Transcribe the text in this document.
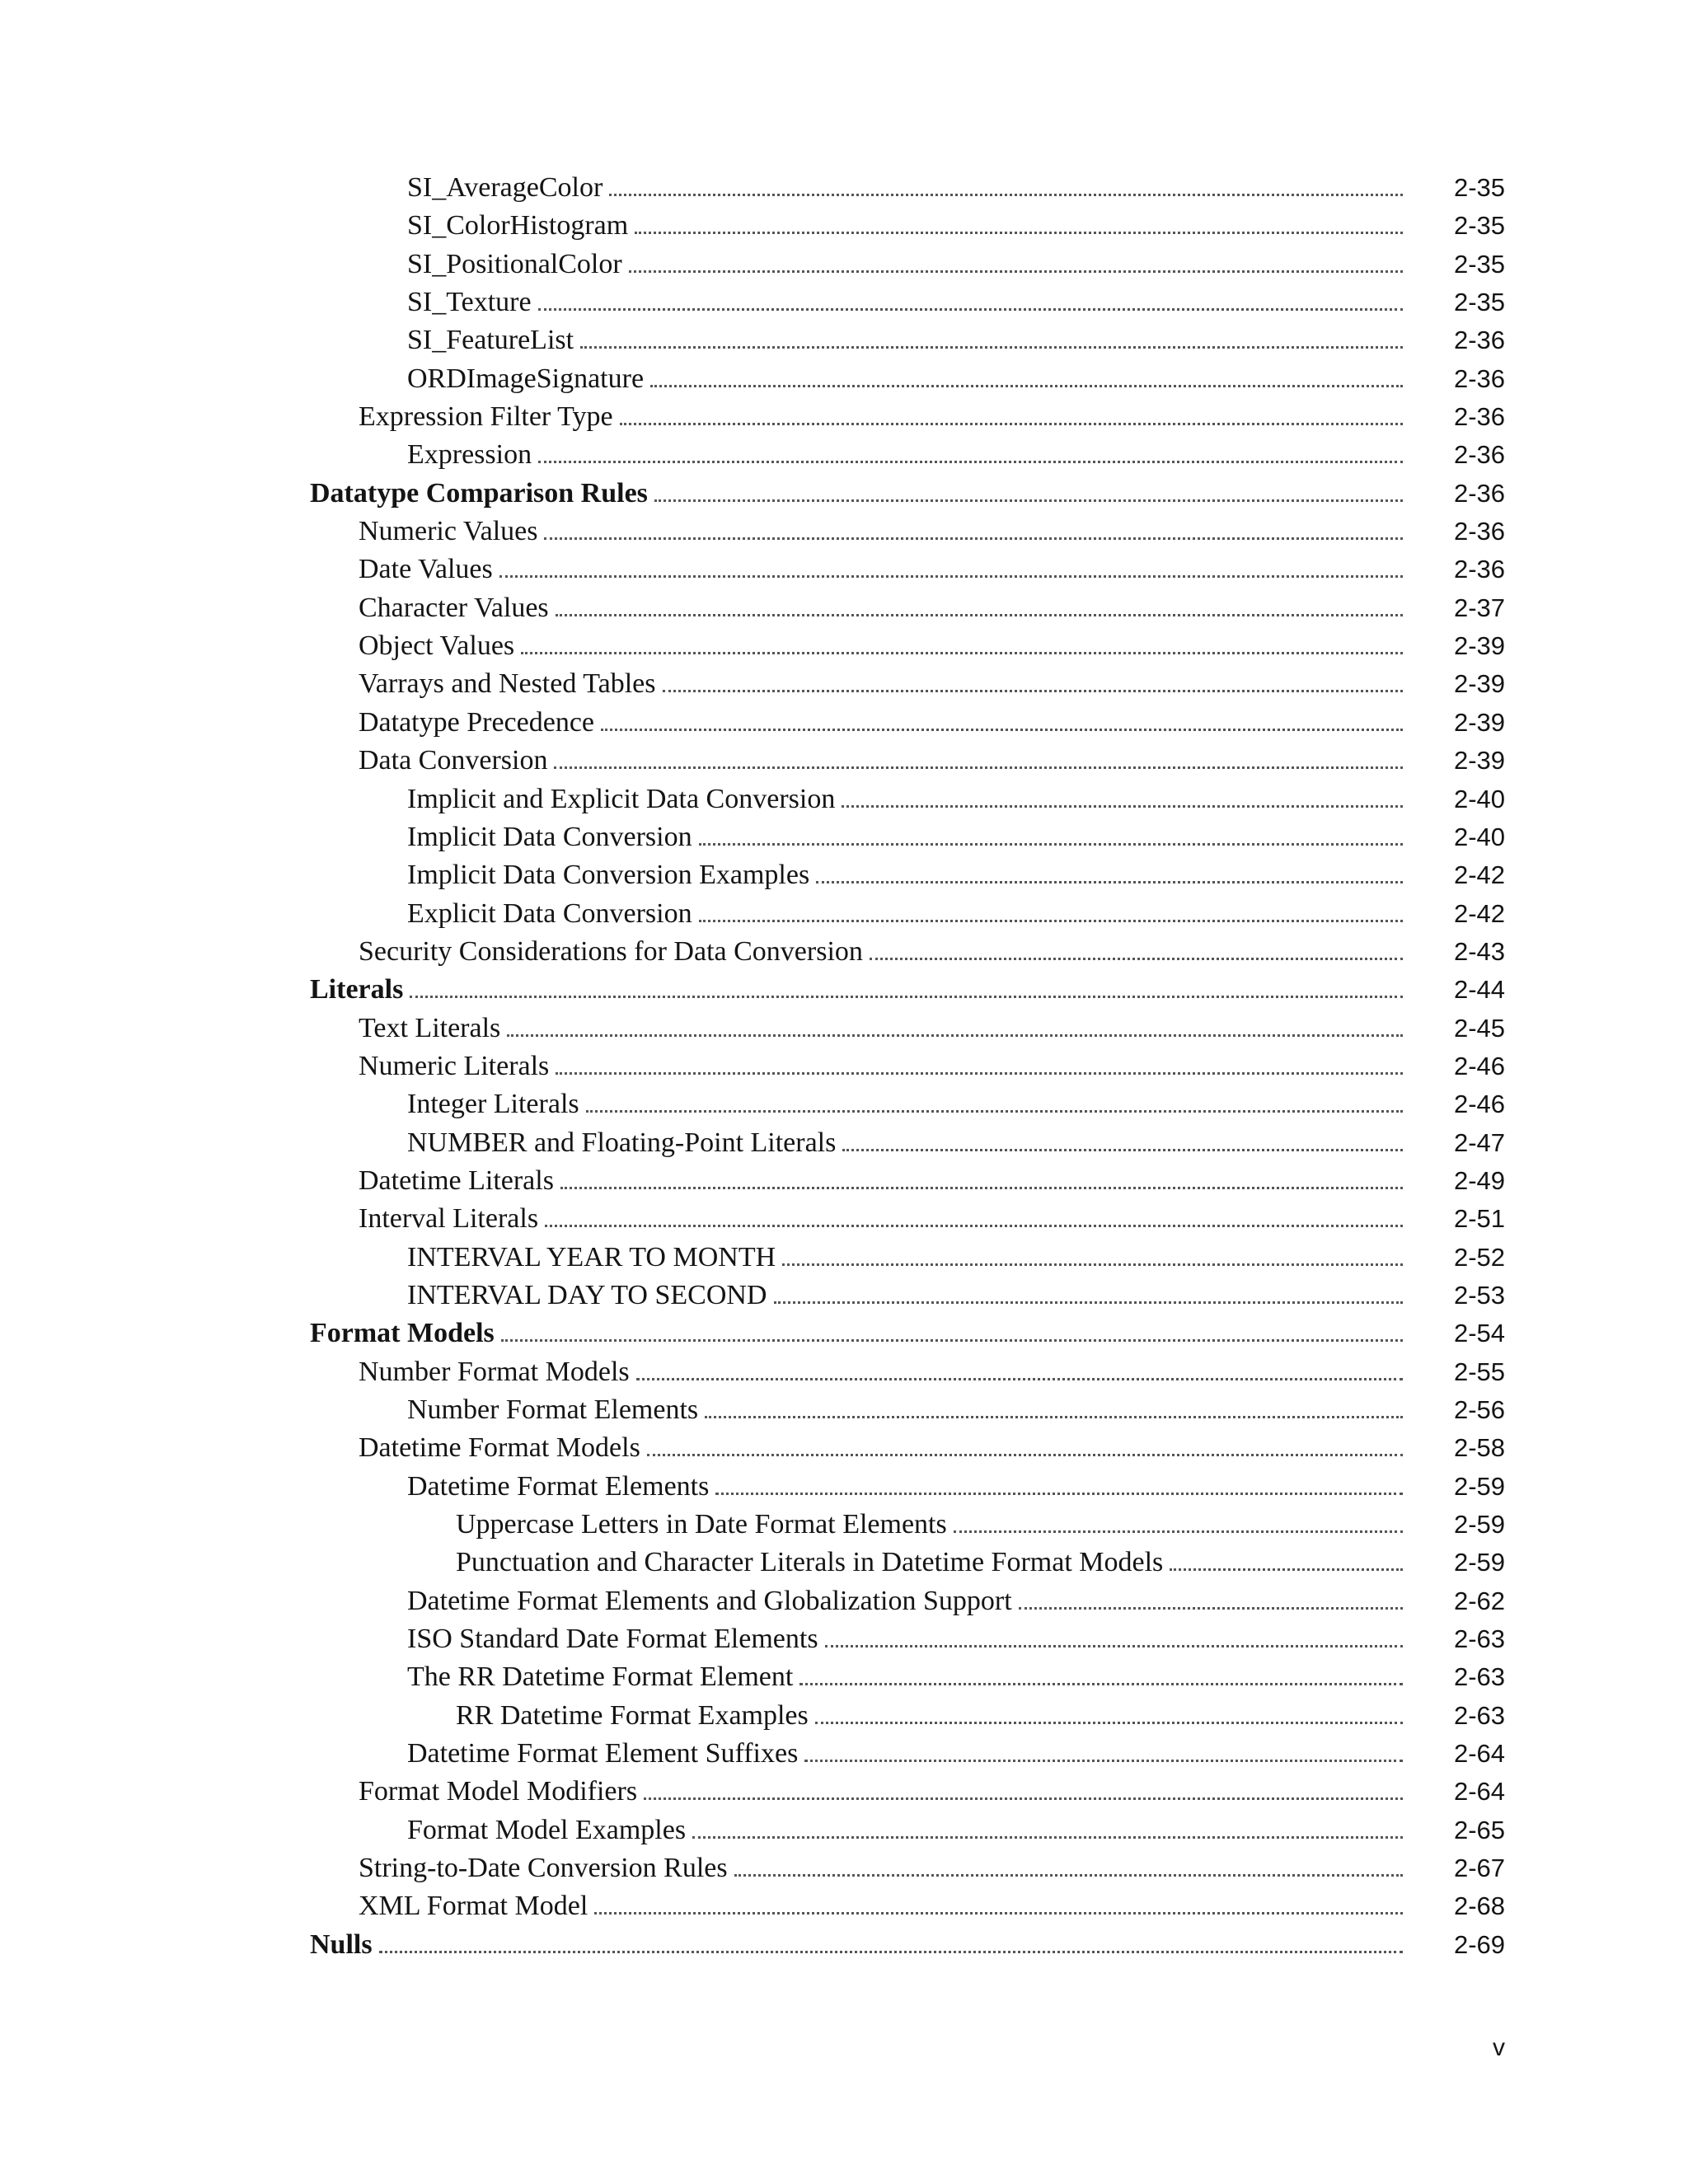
SI_AverageColor	2-35
SI_ColorHistogram	2-35
SI_PositionalColor	2-35
SI_Texture	2-35
SI_FeatureList	2-36
ORDImageSignature	2-36
Expression Filter Type	2-36
Expression	2-36
Datatype Comparison Rules	2-36
Numeric Values	2-36
Date Values	2-36
Character Values	2-37
Object Values	2-39
Varrays and Nested Tables	2-39
Datatype Precedence	2-39
Data Conversion	2-39
Implicit and Explicit Data Conversion	2-40
Implicit Data Conversion	2-40
Implicit Data Conversion Examples	2-42
Explicit Data Conversion	2-42
Security Considerations for Data Conversion	2-43
Literals	2-44
Text Literals	2-45
Numeric Literals	2-46
Integer Literals	2-46
NUMBER and Floating-Point Literals	2-47
Datetime Literals	2-49
Interval Literals	2-51
INTERVAL YEAR TO MONTH	2-52
INTERVAL DAY TO SECOND	2-53
Format Models	2-54
Number Format Models	2-55
Number Format Elements	2-56
Datetime Format Models	2-58
Datetime Format Elements	2-59
Uppercase Letters in Date Format Elements	2-59
Punctuation and Character Literals in Datetime Format Models	2-59
Datetime Format Elements and Globalization Support	2-62
ISO Standard Date Format Elements	2-63
The RR Datetime Format Element	2-63
RR Datetime Format Examples	2-63
Datetime Format Element Suffixes	2-64
Format Model Modifiers	2-64
Format Model Examples	2-65
String-to-Date Conversion Rules	2-67
XML Format Model	2-68
Nulls	2-69
v
